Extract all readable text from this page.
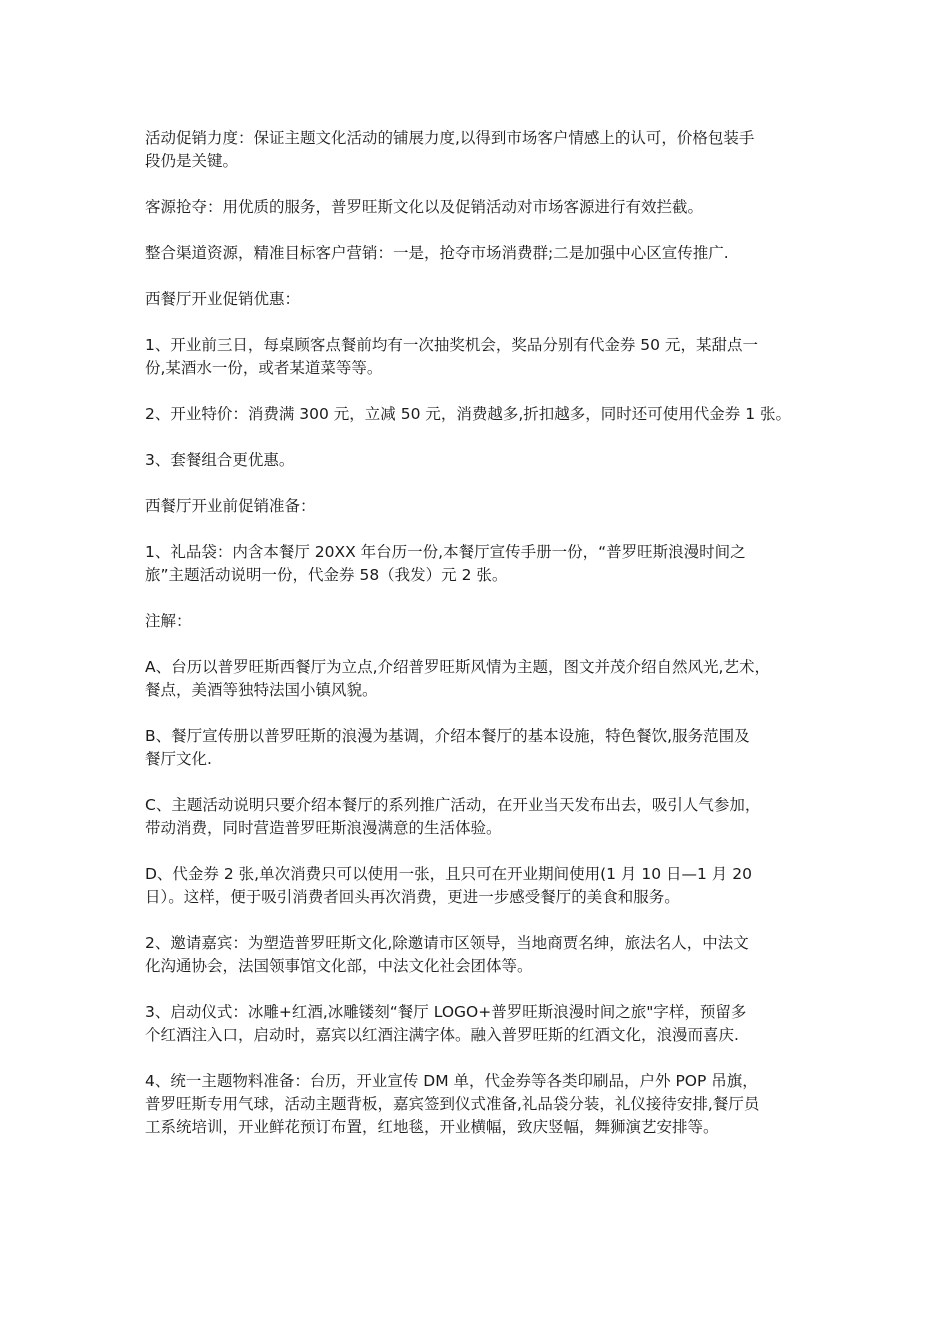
活动促销力度：保证主题文化活动的铺展力度,以得到市场客户情感上的认可，价格包装手
段仍是关键。

客源抢夺：用优质的服务，普罗旺斯文化以及促销活动对市场客源进行有效拦截。

整合渠道资源，精准目标客户营销：一是，抢夺市场消费群;二是加强中心区宣传推广.

西餐厅开业促销优惠：

1、开业前三日，每桌顾客点餐前均有一次抽奖机会，奖品分别有代金券 50 元，某甜点一
份,某酒水一份，或者某道菜等等。

2、开业特价：消费满 300 元，立减 50 元，消费越多,折扣越多，同时还可使用代金券 1 张。

3、套餐组合更优惠。

西餐厅开业前促销准备：

1、礼品袋：内含本餐厅 20XX 年台历一份,本餐厅宣传手册一份，“普罗旺斯浪漫时间之
旅”主题活动说明一份，代金券 58（我发）元 2 张。

注解：

A、台历以普罗旺斯西餐厅为立点,介绍普罗旺斯风情为主题，图文并茂介绍自然风光,艺术，
餐点，美酒等独特法国小镇风貌。

B、餐厅宣传册以普罗旺斯的浪漫为基调，介绍本餐厅的基本设施，特色餐饮,服务范围及
餐厅文化.

C、主题活动说明只要介绍本餐厅的系列推广活动，在开业当天发布出去，吸引人气参加，
带动消费，同时营造普罗旺斯浪漫满意的生活体验。

D、代金券 2 张,单次消费只可以使用一张，且只可在开业期间使用(1 月 10 日—1 月 20
日）。这样，便于吸引消费者回头再次消费，更进一步感受餐厅的美食和服务。

2、邀请嘉宾：为塑造普罗旺斯文化,除邀请市区领导，当地商贾名绅，旅法名人，中法文
化沟通协会，法国领事馆文化部，中法文化社会团体等。

3、启动仪式：冰雕+红酒,冰雕镂刻“餐厅 LOGO+普罗旺斯浪漫时间之旅"字样，预留多
个红酒注入口，启动时，嘉宾以红酒注满字体。融入普罗旺斯的红酒文化，浪漫而喜庆.

4、统一主题物料准备：台历，开业宣传 DM 单，代金券等各类印刷品，户外 POP 吊旗，
普罗旺斯专用气球，活动主题背板，嘉宾签到仪式准备,礼品袋分装，礼仪接待安排,餐厅员
工系统培训，开业鲜花预订布置，红地毯，开业横幅，致庆竖幅，舞狮演艺安排等。
